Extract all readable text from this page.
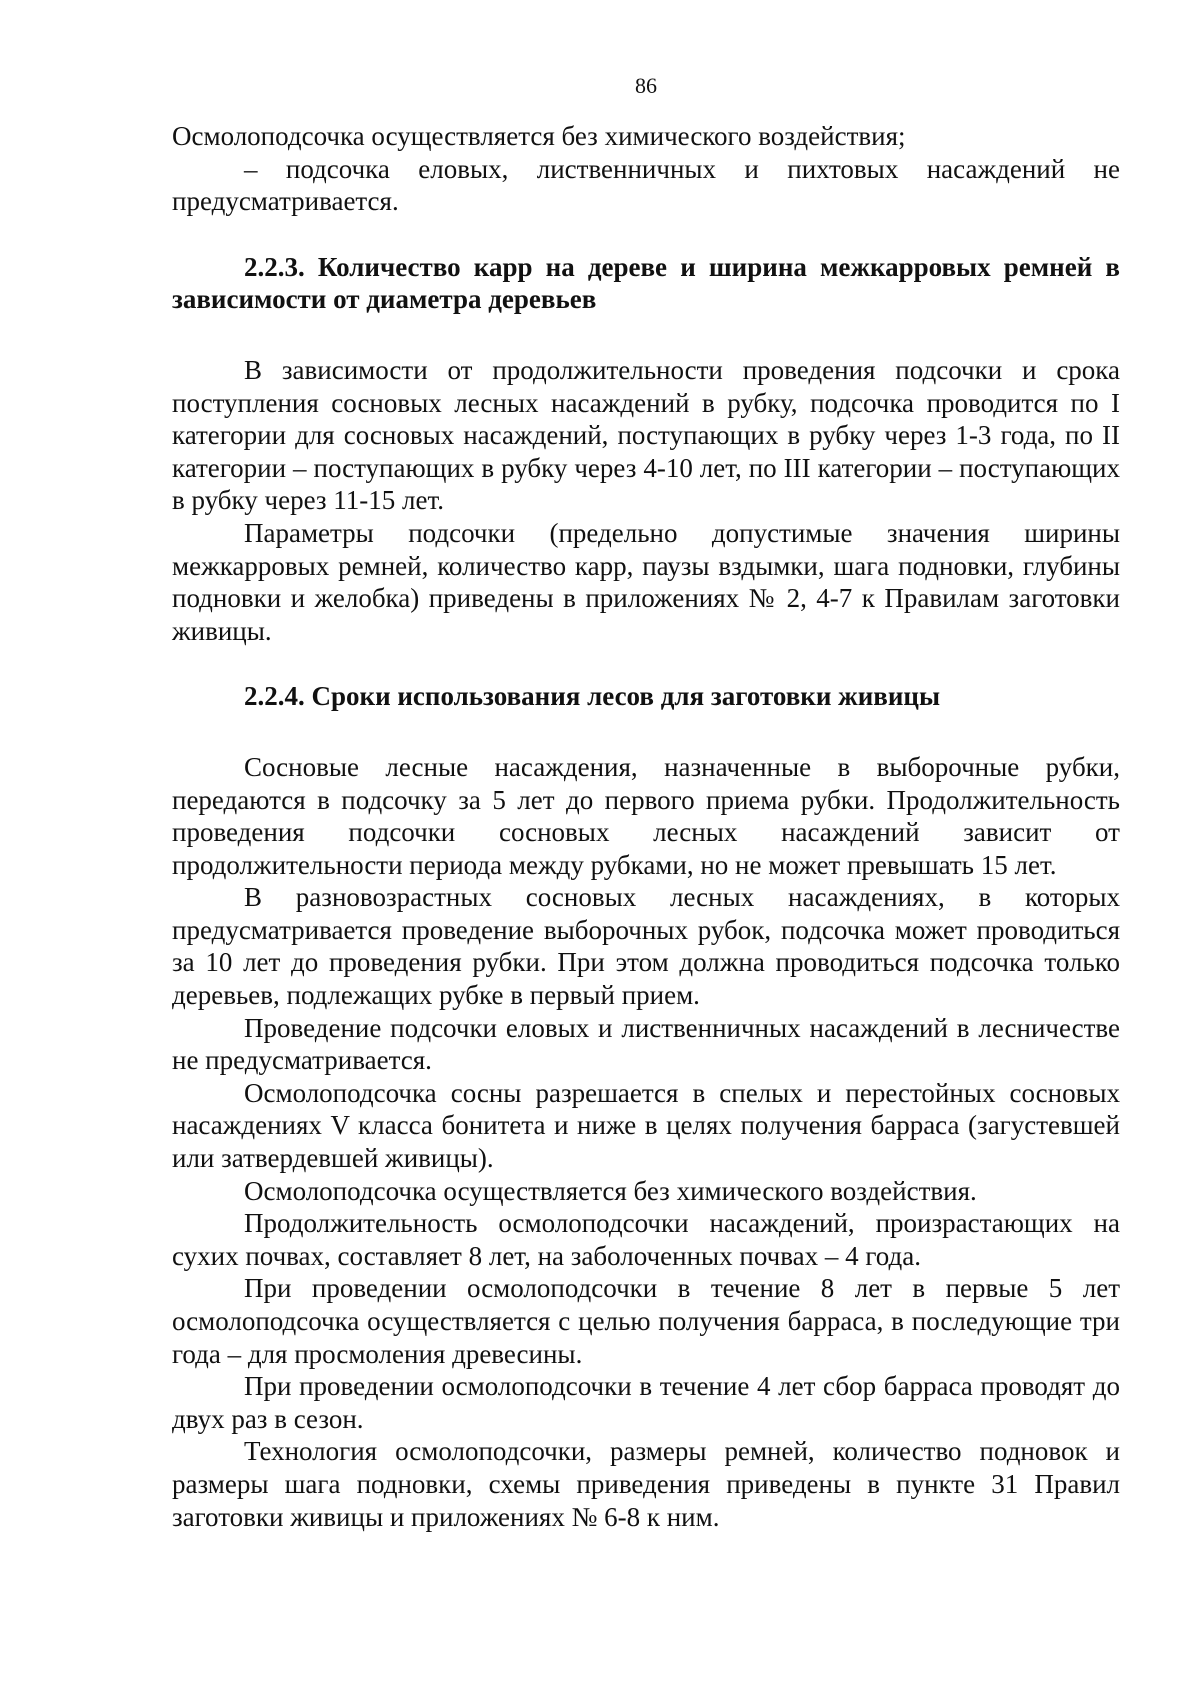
86

Осмолоподсочка осуществляется без химического воздействия;

– подсочка еловых, лиственничных и пихтовых насаждений не предусматривается.

2.2.3. Количество карр на дереве и ширина межкарровых ремней в зависимости от диаметра деревьев

В зависимости от продолжительности проведения подсочки и срока поступления сосновых лесных насаждений в рубку, подсочка проводится по I категории для сосновых насаждений, поступающих в рубку через 1-3 года, по II категории – поступающих в рубку через 4-10 лет, по III категории – поступающих в рубку через 11-15 лет.

Параметры подсочки (предельно допустимые значения ширины межкарровых ремней, количество карр, паузы вздымки, шага подновки, глубины подновки и желобка) приведены в приложениях № 2, 4-7 к Правилам заготовки живицы.

2.2.4. Сроки использования лесов для заготовки живицы

Сосновые лесные насаждения, назначенные в выборочные рубки, передаются в подсочку за 5 лет до первого приема рубки. Продолжительность проведения подсочки сосновых лесных насаждений зависит от продолжительности периода между рубками, но не может превышать 15 лет.

В разновозрастных сосновых лесных насаждениях, в которых предусматривается проведение выборочных рубок, подсочка может проводиться за 10 лет до проведения рубки. При этом должна проводиться подсочка только деревьев, подлежащих рубке в первый прием.

Проведение подсочки еловых и лиственничных насаждений в лесничестве не предусматривается.

Осмолоподсочка сосны разрешается в спелых и перестойных сосновых насаждениях V класса бонитета и ниже в целях получения барраса (загустевшей или затвердевшей живицы).

Осмолоподсочка осуществляется без химического воздействия.

Продолжительность осмолоподсочки насаждений, произрастающих на сухих почвах, составляет 8 лет, на заболоченных почвах – 4 года.

При проведении осмолоподсочки в течение 8 лет в первые 5 лет осмолоподсочка осуществляется с целью получения барраса, в последующие три года – для просмоления древесины.

При проведении осмолоподсочки в течение 4 лет сбор барраса проводят до двух раз в сезон.

Технология осмолоподсочки, размеры ремней, количество подновок и размеры шага подновки, схемы приведения приведены в пункте 31 Правил заготовки живицы и приложениях № 6-8 к ним.
